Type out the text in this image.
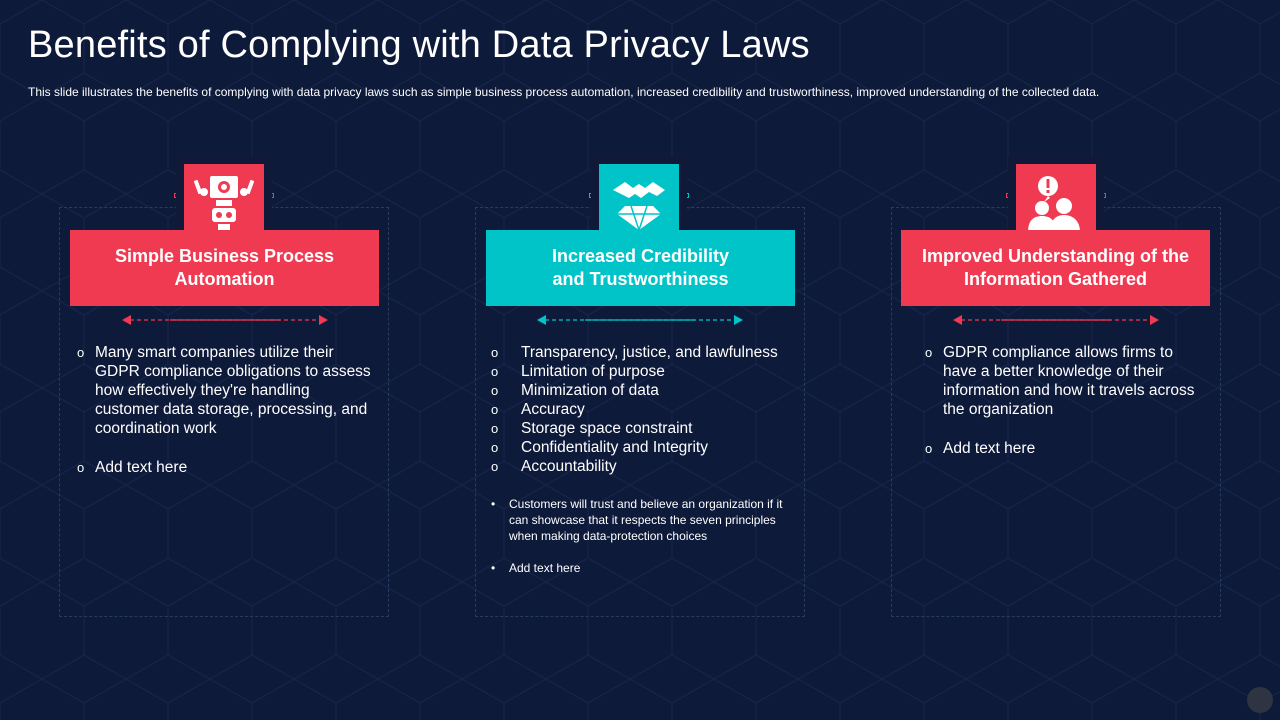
Benefits of Complying with Data Privacy Laws

This slide illustrates the benefits of complying with data privacy laws such as simple business process automation, increased credibility and trustworthiness, improved understanding of the collected data.

Simple Business Process
Automation
o Many smart companies utilize their GDPR compliance obligations to assess how effectively they're handling customer data storage, processing, and coordination work
o Add text here
Increased Credibility
and Trustworthiness
o Transparency, justice, and lawfulness
o Limitation of purpose
o Minimization of data
o Accuracy
o Storage space constraint
o Confidentiality and Integrity
o Accountability
• Customers will trust and believe an organization if it can showcase that it respects the seven principles when making data-protection choices
• Add text here
Improved Understanding of the
Information Gathered
o GDPR compliance allows firms to have a better knowledge of their information and how it travels across the organization
o Add text here
